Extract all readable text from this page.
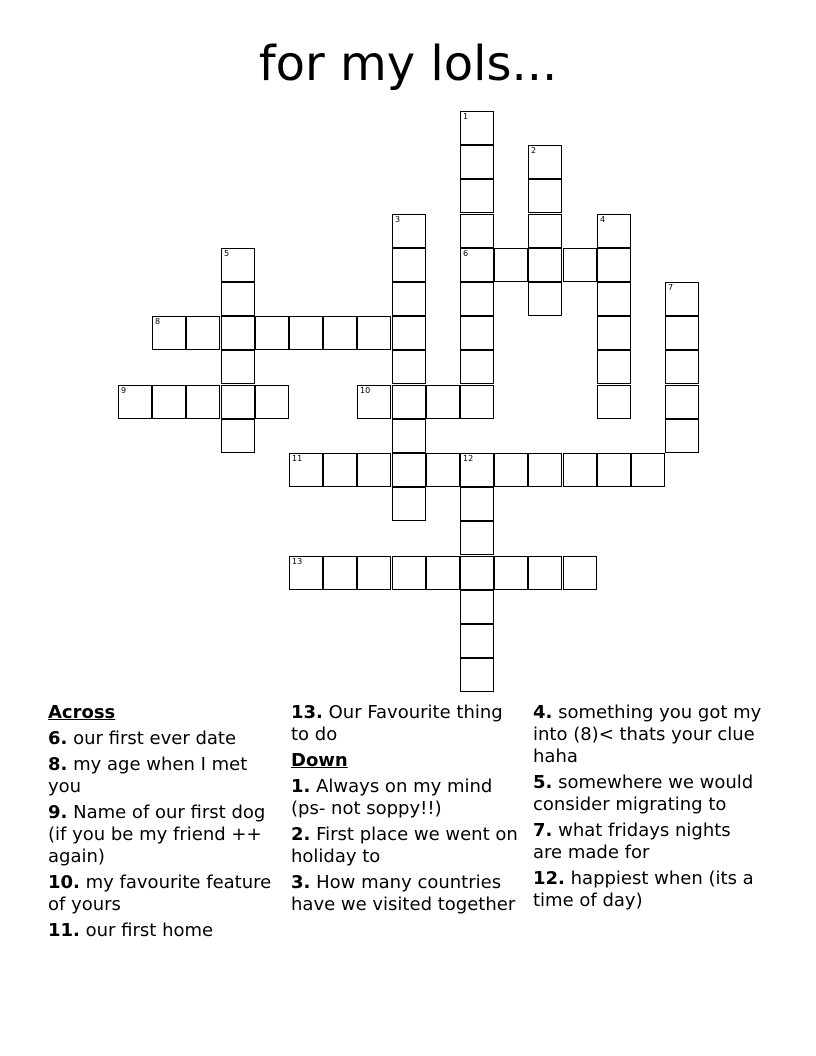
for my lols...
1
6
2
3	4
5
7
8
9	10
11	12
13
Across
6. our first ever date
8. my age when I met you
9. Name of our first dog (if you be my friend ++ again)
10. my favourite feature of yours
11. our first home
13. Our Favourite thing to do
Down
1. Always on my mind (ps- not soppy!!)
2. First place we went on holiday to
3. How many countries have we visited together
4. something you got my into (8)< thats your clue haha
5. somewhere we would consider migrating to
7. what fridays nights are made for
12. happiest when (its a time of day)
